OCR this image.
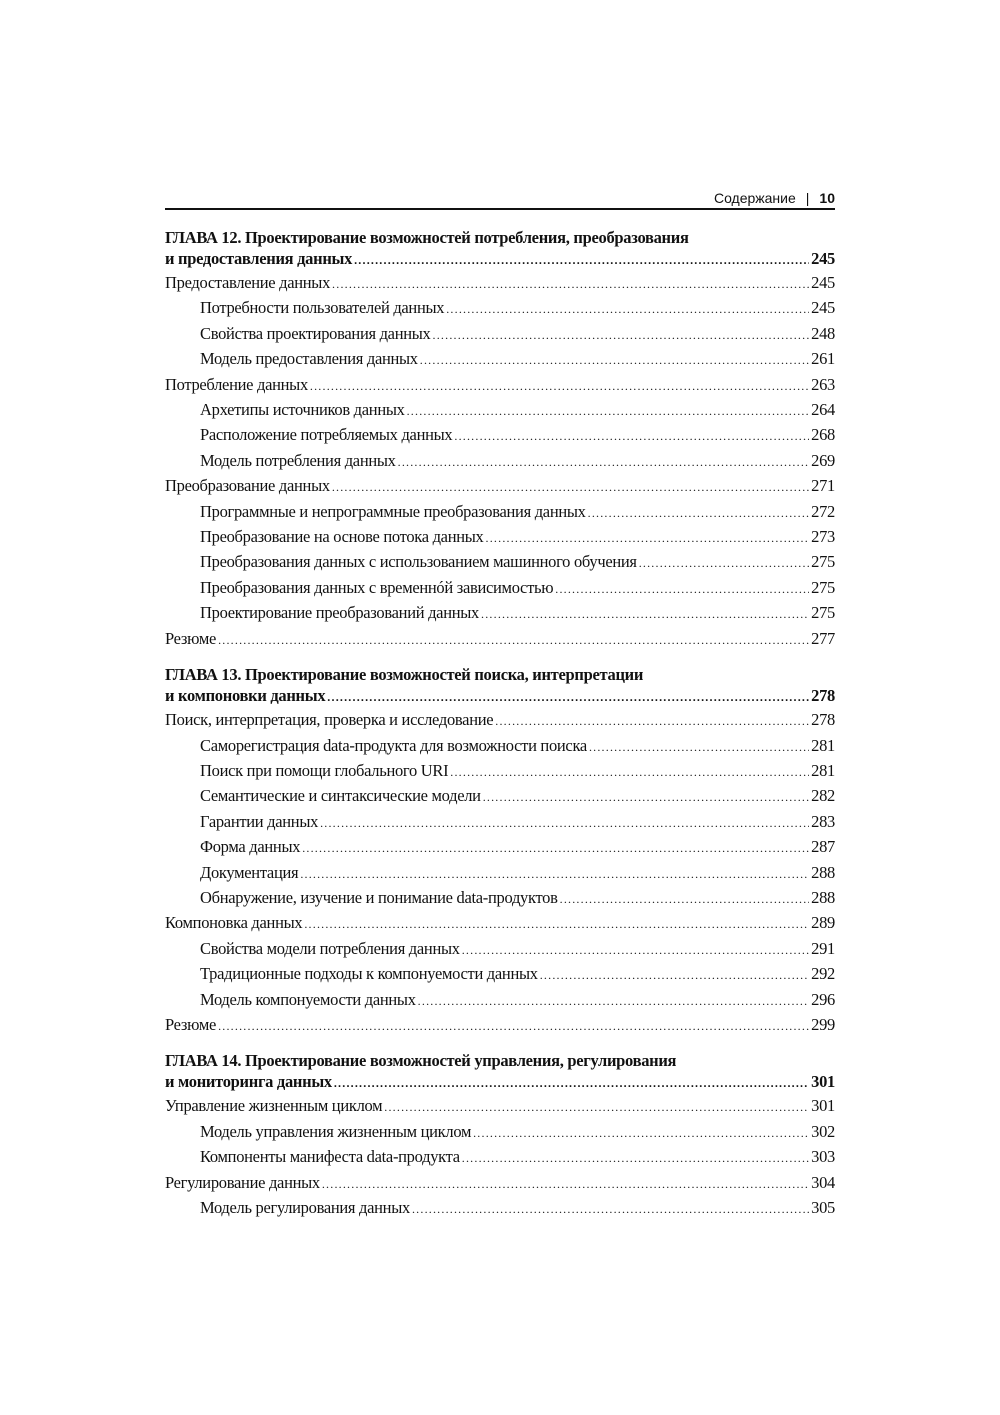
Содержание | 10
ГЛАВА 12. Проектирование возможностей потребления, преобразования
и предоставления данных .....	245
Предоставление данных .....	245
Потребности пользователей данных .....	245
Свойства проектирования данных .....	248
Модель предоставления данных .....	261
Потребление данных .....	263
Архетипы источников данных .....	264
Расположение потребляемых данных .....	268
Модель потребления данных .....	269
Преобразование данных .....	271
Программные и непрограммные преобразования данных .....	272
Преобразование на основе потока данных .....	273
Преобразования данных с использованием машинного обучения .....	275
Преобразования данных с временнóй зависимостью .....	275
Проектирование преобразований данных .....	275
Резюме .....	277
ГЛАВА 13. Проектирование возможностей поиска, интерпретации
и компоновки данных .....	278
Поиск, интерпретация, проверка и исследование .....	278
Саморегистрация data-продукта для возможности поиска .....	281
Поиск при помощи глобального URI .....	281
Семантические и синтаксические модели .....	282
Гарантии данных .....	283
Форма данных .....	287
Документация .....	288
Обнаружение, изучение и понимание data-продуктов .....	288
Компоновка данных .....	289
Свойства модели потребления данных .....	291
Традиционные подходы к компонуемости данных .....	292
Модель компонуемости данных .....	296
Резюме .....	299
ГЛАВА 14. Проектирование возможностей управления, регулирования
и мониторинга данных .....	301
Управление жизненным циклом .....	301
Модель управления жизненным циклом .....	302
Компоненты манифеста data-продукта .....	303
Регулирование данных .....	304
Модель регулирования данных .....	305
